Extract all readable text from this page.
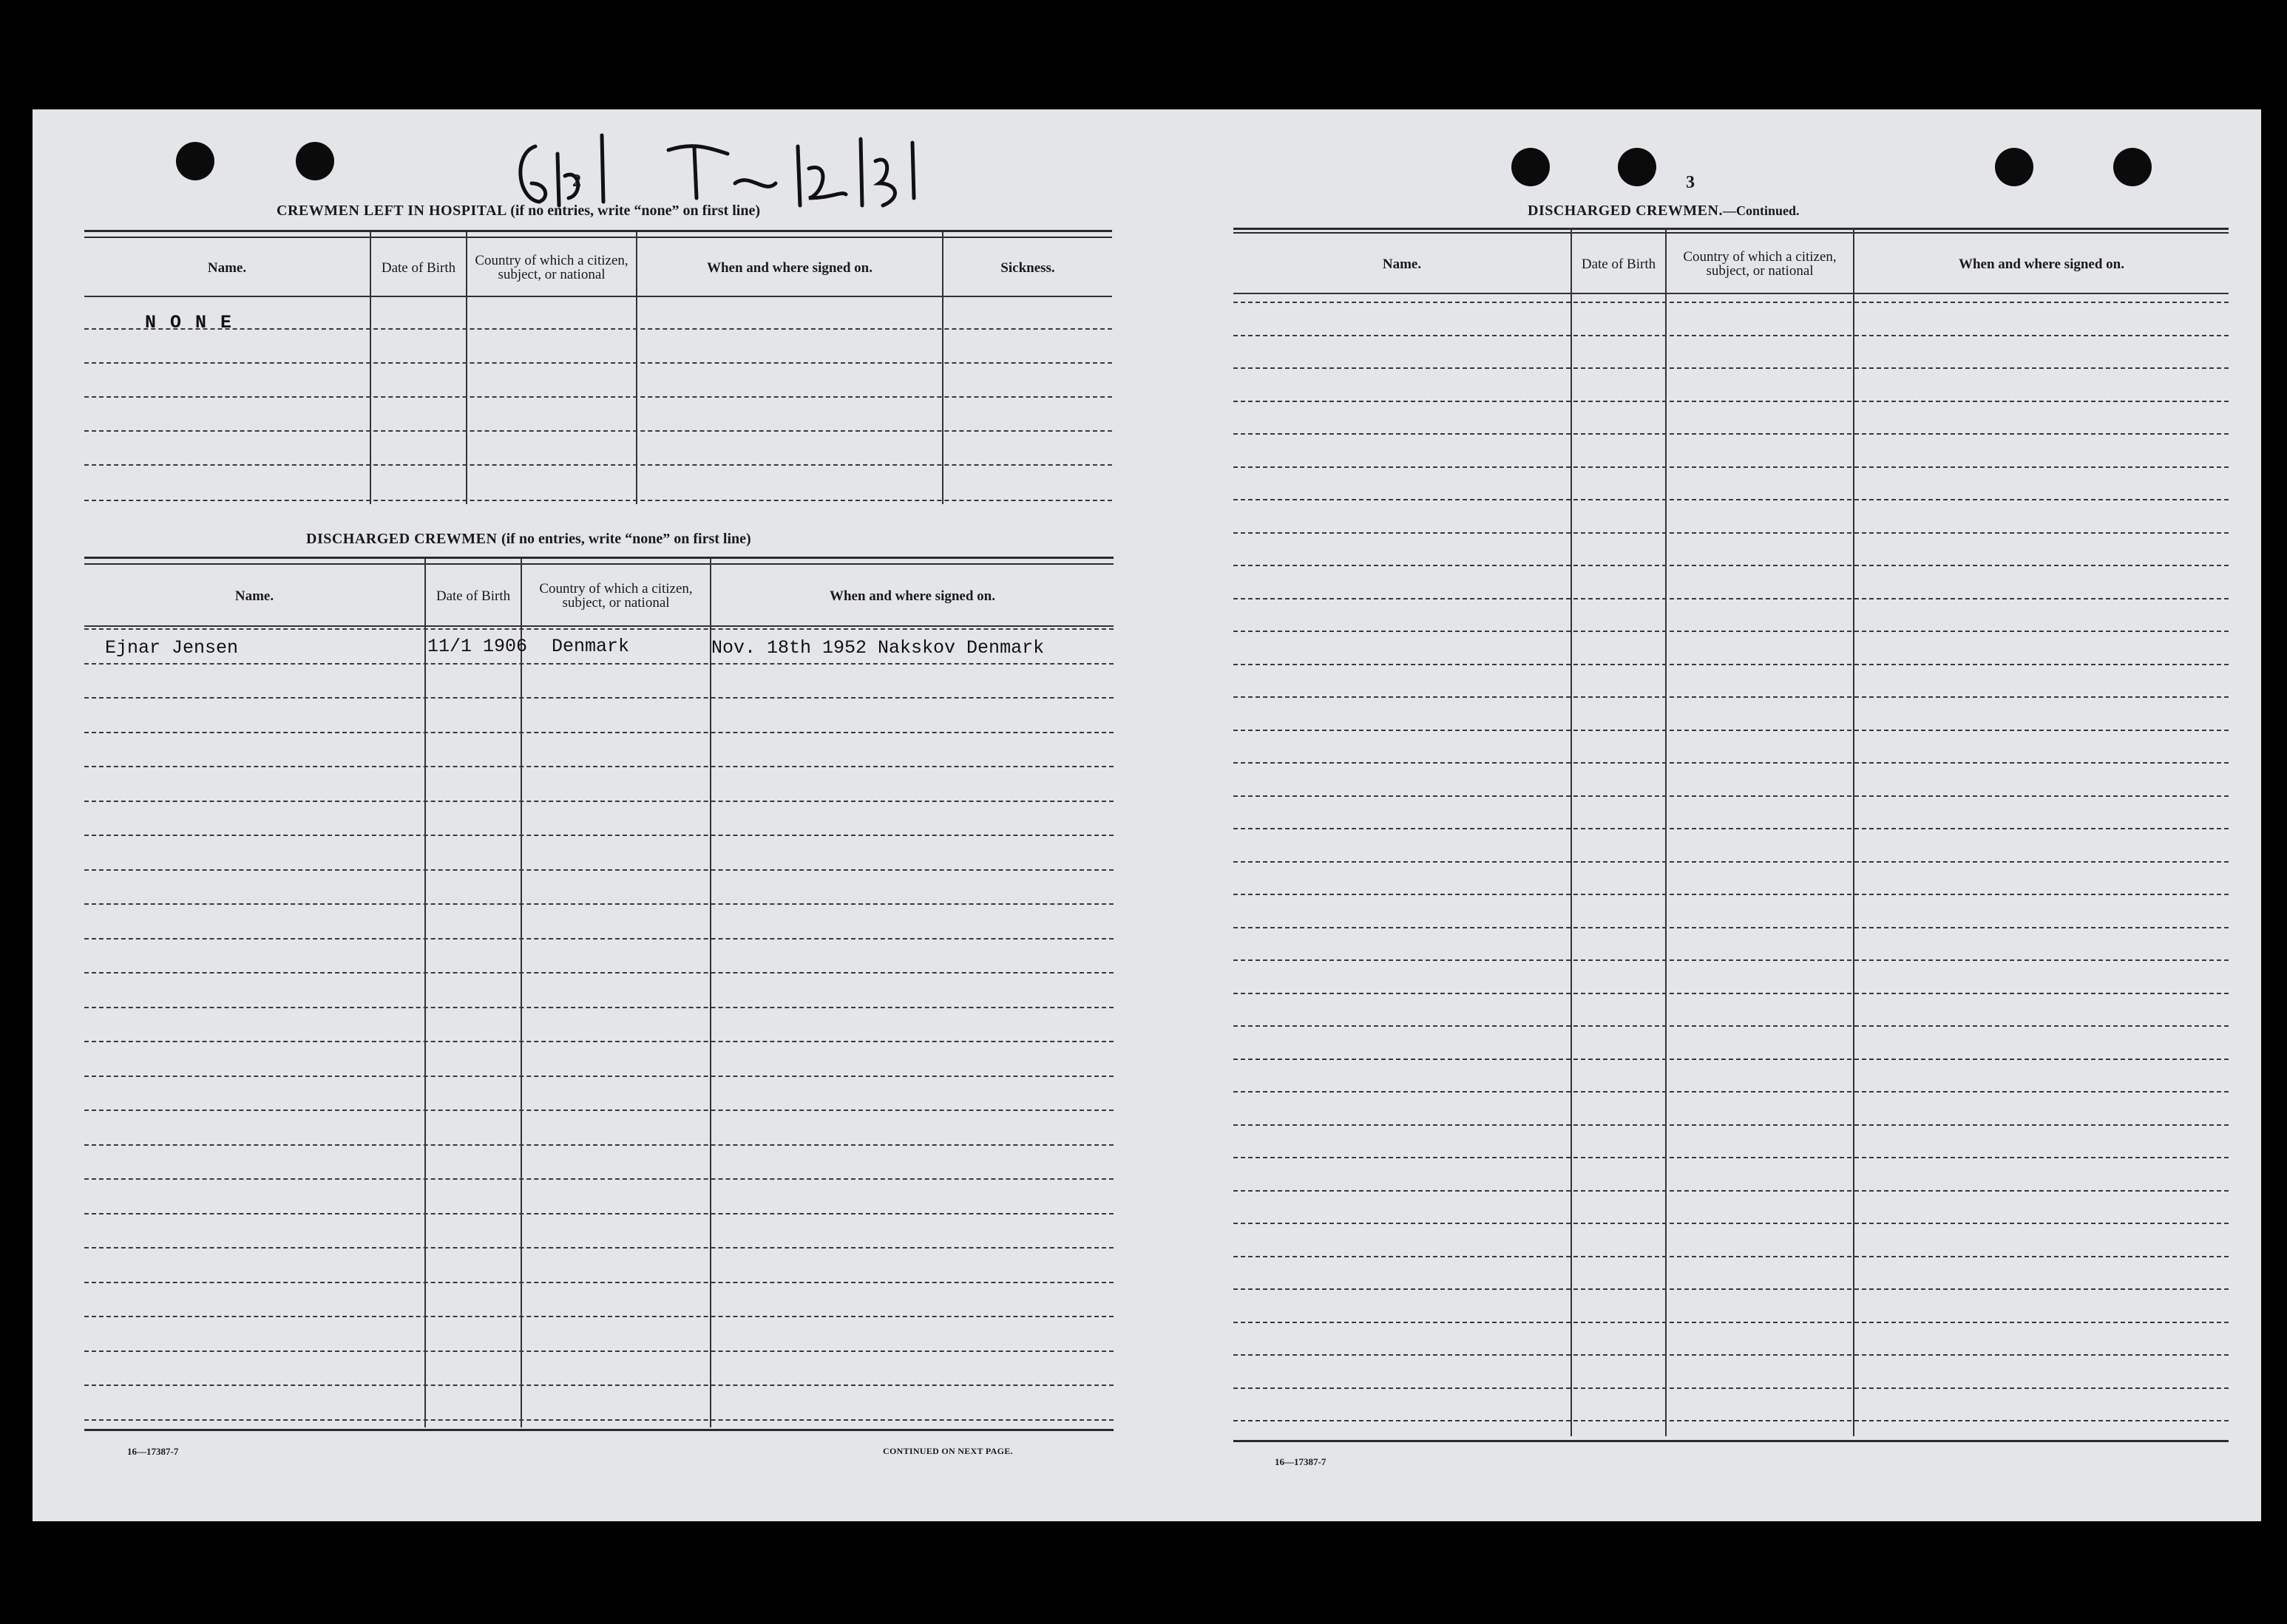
2
CREWMEN LEFT IN HOSPITAL (if no entries, write “none” on first line)
Name.	Date of Birth	Country of which a citizen, subject, or national	When and where signed on.	Sickness.
N O N E
DISCHARGED CREWMEN (if no entries, write “none” on first line)
Name.	Date of Birth	Country of which a citizen, subject, or national	When and where signed on.
Ejnar Jensen	11/1 1906 Denmark	Nov. 18th 1952 Nakskov Denmark
16—17387-7	CONTINUED ON NEXT PAGE.
3
DISCHARGED CREWMEN.—Continued.
Name.	Date of Birth	Country of which a citizen, subject, or national	When and where signed on.
16—17387-7
